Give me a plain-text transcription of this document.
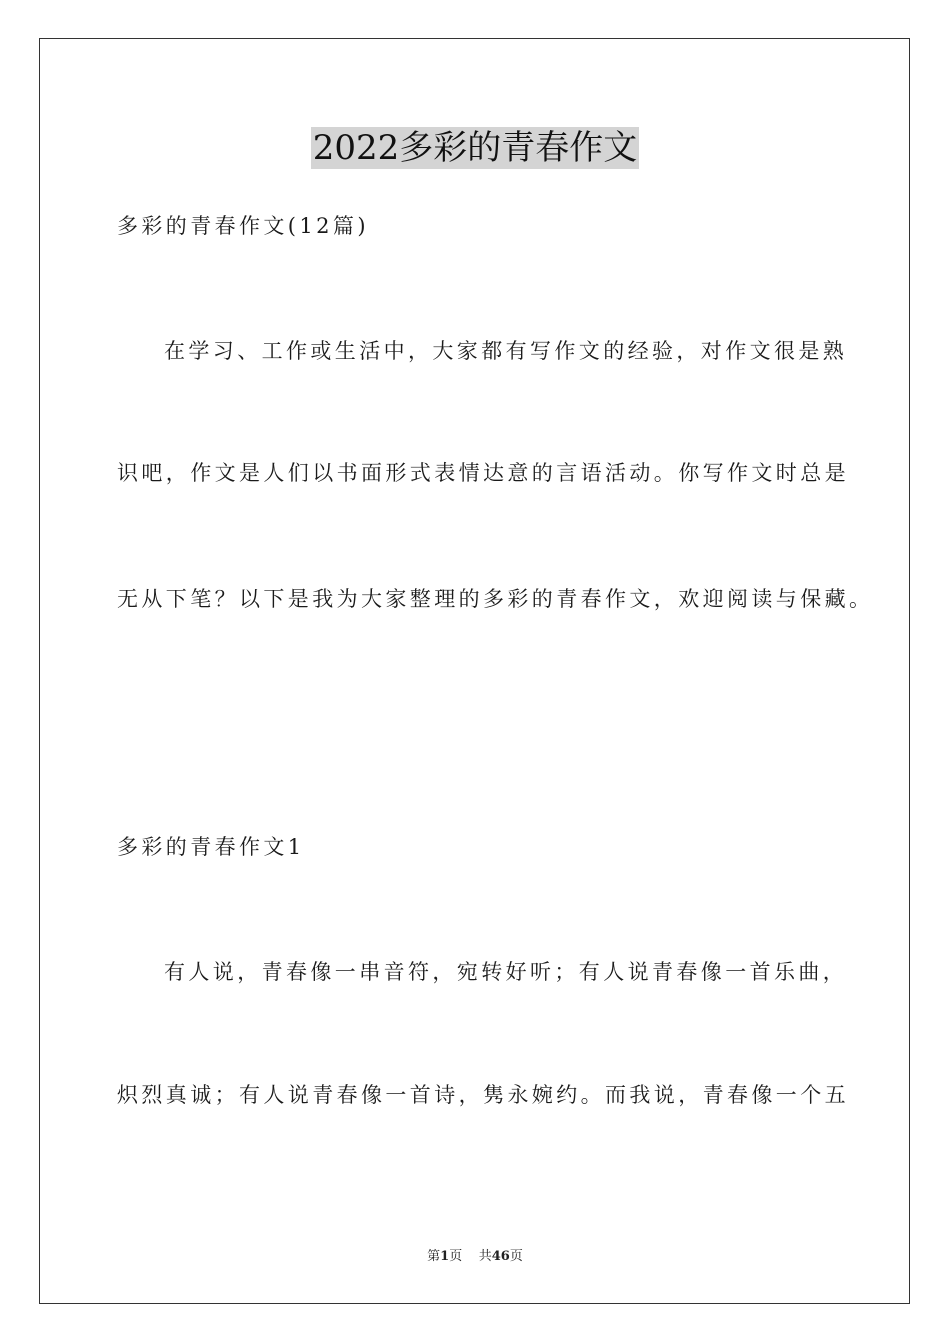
2022多彩的青春作文
多彩的青春作文(12篇)
在学习、工作或生活中，大家都有写作文的经验，对作文很是熟
识吧，作文是人们以书面形式表情达意的言语活动。你写作文时总是
无从下笔？以下是我为大家整理的多彩的青春作文，欢迎阅读与保藏。
多彩的青春作文1
有人说，青春像一串音符，宛转好听；有人说青春像一首乐曲，
炽烈真诚；有人说青春像一首诗，隽永婉约。而我说，青春像一个五
第1页 共46页
